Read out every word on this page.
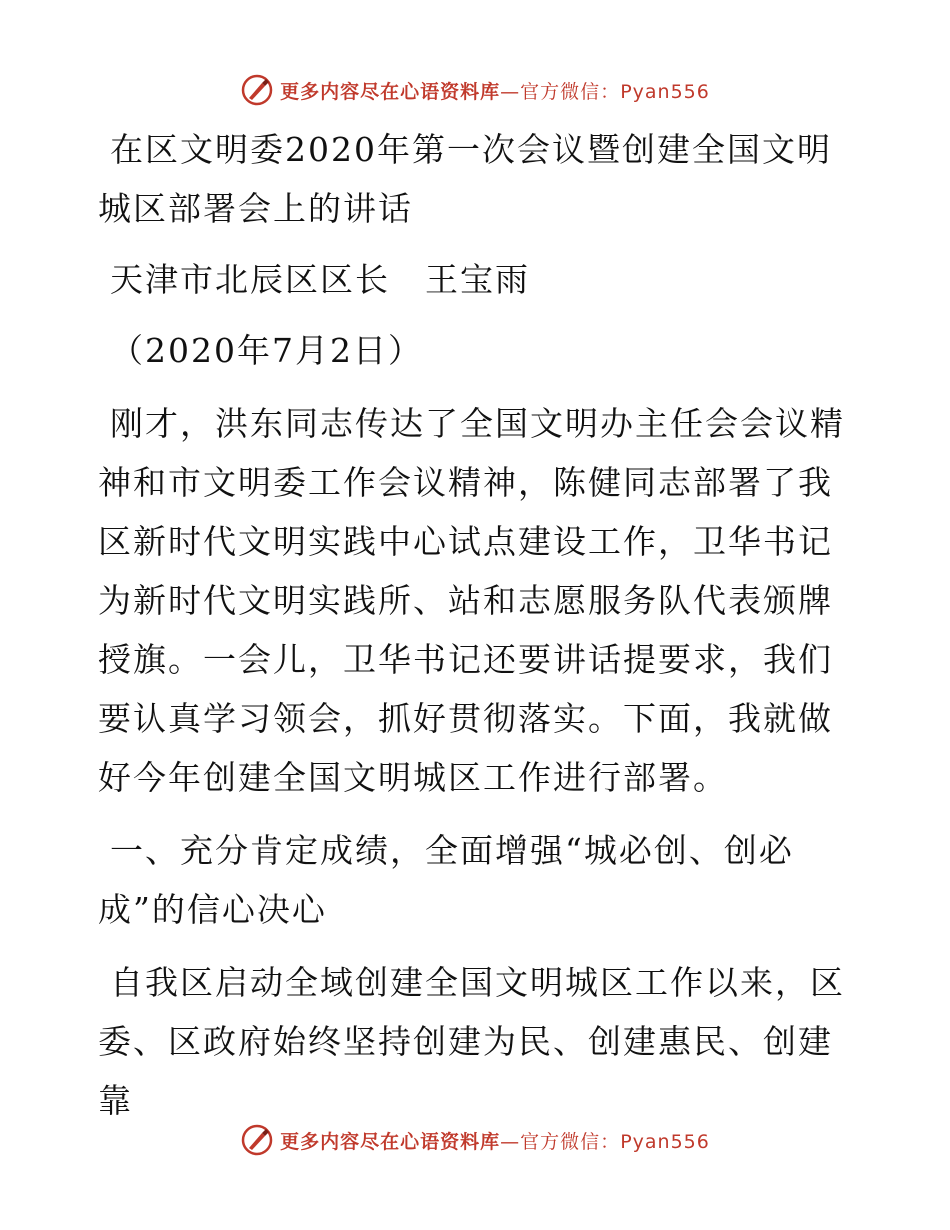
更多内容尽在心语资料库—官方微信：Pyan556

在区文明委2020年第一次会议暨创建全国文明城区部署会上的讲话

天津市北辰区区长　王宝雨

（2020年7月2日）

刚才，洪东同志传达了全国文明办主任会会议精神和市文明委工作会议精神，陈健同志部署了我区新时代文明实践中心试点建设工作，卫华书记为新时代文明实践所、站和志愿服务队代表颁牌授旗。一会儿，卫华书记还要讲话提要求，我们要认真学习领会，抓好贯彻落实。下面，我就做好今年创建全国文明城区工作进行部署。

一、充分肯定成绩，全面增强“城必创、创必成”的信心决心

自我区启动全域创建全国文明城区工作以来，区委、区政府始终坚持创建为民、创建惠民、创建靠

更多内容尽在心语资料库—官方微信：Pyan556
